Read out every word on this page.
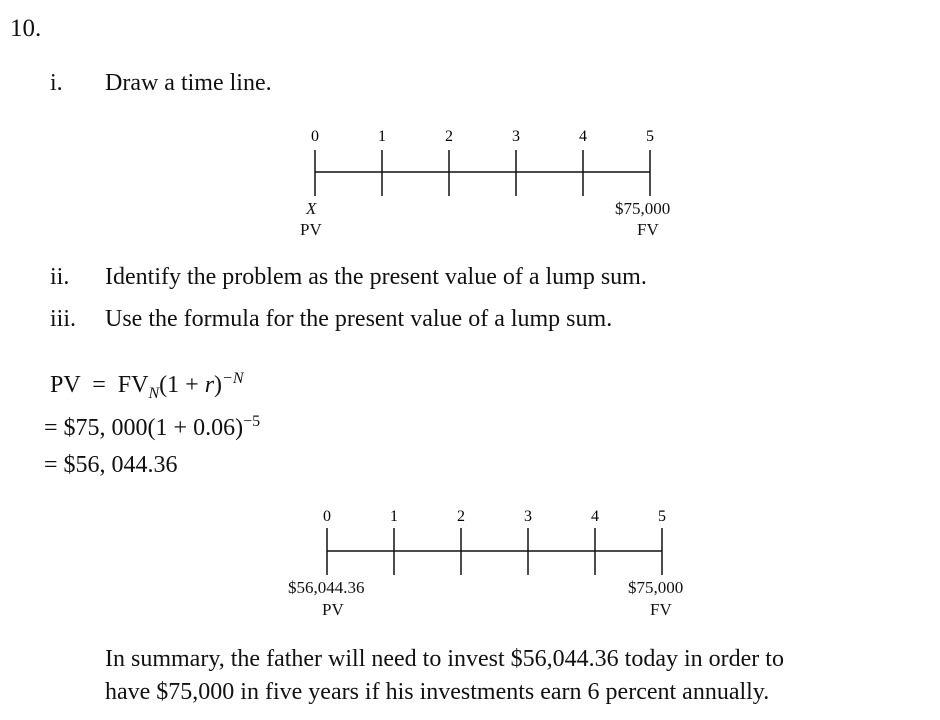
10.
i. Draw a time line.
0	1	2	3	4	5
0	1	2	3	4	5
X
PV
$75,000
FV
ii. Identify the problem as the present value of a lump sum.
iii. Use the formula for the present value of a lump sum.
PV = $FV_N(1 + r)^{-N}$
= $75, $000(1 + 0.06)^{-5}$
= $56, 044.36
$56,044.36
PV
$75,000
FV
In summary, the father will need to invest $56,044.36 today in order to
have $75,000 in five years if his investments earn 6 percent annually.
